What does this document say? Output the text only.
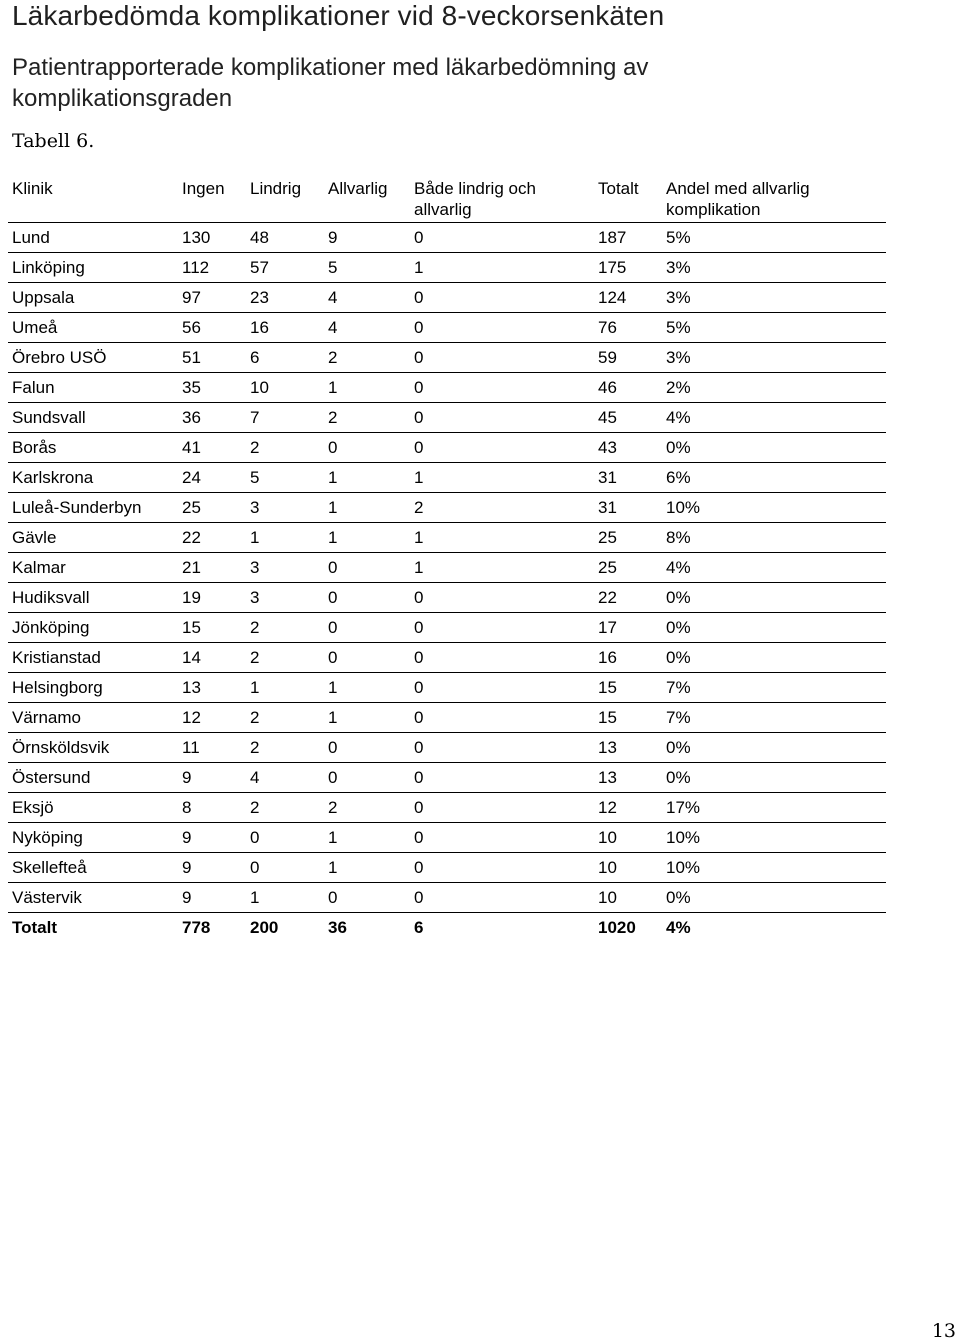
Läkarbedömda komplikationer vid 8-veckorsenkäten
Patientrapporterade komplikationer med läkarbedömning av komplikationsgraden

Tabell 6.

Klinik	Ingen	Lindrig	Allvarlig	Både lindrig och allvarlig	Totalt	Andel med allvarlig komplikation
Lund	130	48	9	0	187	5%
Linköping	112	57	5	1	175	3%
Uppsala	97	23	4	0	124	3%
Umeå	56	16	4	0	76	5%
Örebro USÖ	51	6	2	0	59	3%
Falun	35	10	1	0	46	2%
Sundsvall	36	7	2	0	45	4%
Borås	41	2	0	0	43	0%
Karlskrona	24	5	1	1	31	6%
Luleå-Sunderbyn	25	3	1	2	31	10%
Gävle	22	1	1	1	25	8%
Kalmar	21	3	0	1	25	4%
Hudiksvall	19	3	0	0	22	0%
Jönköping	15	2	0	0	17	0%
Kristianstad	14	2	0	0	16	0%
Helsingborg	13	1	1	0	15	7%
Värnamo	12	2	1	0	15	7%
Örnsköldsvik	11	2	0	0	13	0%
Östersund	9	4	0	0	13	0%
Eksjö	8	2	2	0	12	17%
Nyköping	9	0	1	0	10	10%
Skellefteå	9	0	1	0	10	10%
Västervik	9	1	0	0	10	0%
Totalt	778	200	36	6	1020	4%
13
